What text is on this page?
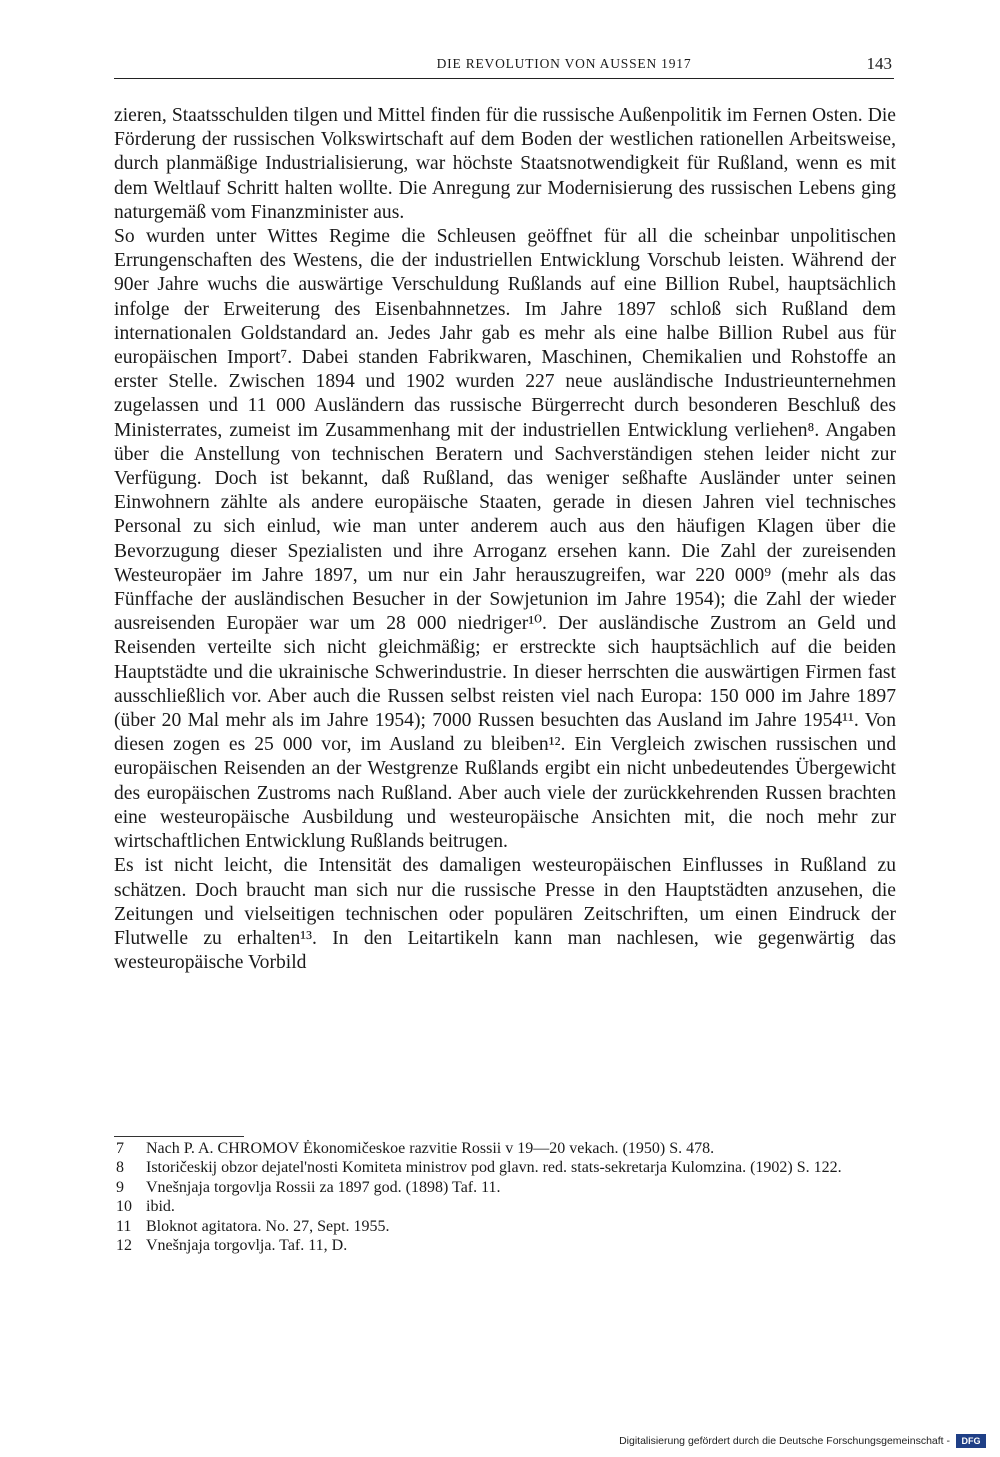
DIE REVOLUTION VON AUSSEN 1917	143

zieren, Staatsschulden tilgen und Mittel finden für die russische Außenpolitik im Fernen Osten. Die Förderung der russischen Volkswirtschaft auf dem Boden der westlichen rationellen Arbeitsweise, durch planmäßige Industrialisierung, war höchste Staatsnotwendigkeit für Rußland, wenn es mit dem Weltlauf Schritt halten wollte. Die Anregung zur Modernisierung des russischen Lebens ging naturgemäß vom Finanzminister aus.

So wurden unter Wittes Regime die Schleusen geöffnet für all die scheinbar unpolitischen Errungenschaften des Westens, die der industriellen Entwicklung Vorschub leisten. Während der 90er Jahre wuchs die auswärtige Verschuldung Rußlands auf eine Billion Rubel, hauptsächlich infolge der Erweiterung des Eisenbahnnetzes. Im Jahre 1897 schloß sich Rußland dem internationalen Goldstandard an. Jedes Jahr gab es mehr als eine halbe Billion Rubel aus für europäischen Import⁷. Dabei standen Fabrikwaren, Maschinen, Chemikalien und Rohstoffe an erster Stelle. Zwischen 1894 und 1902 wurden 227 neue ausländische Industrieunternehmen zugelassen und 11 000 Ausländern das russische Bürgerrecht durch besonderen Beschluß des Ministerrates, zumeist im Zusammenhang mit der industriellen Entwicklung verliehen⁸. Angaben über die Anstellung von technischen Beratern und Sachverständigen stehen leider nicht zur Verfügung. Doch ist bekannt, daß Rußland, das weniger seßhafte Ausländer unter seinen Einwohnern zählte als andere europäische Staaten, gerade in diesen Jahren viel technisches Personal zu sich einlud, wie man unter anderem auch aus den häufigen Klagen über die Bevorzugung dieser Spezialisten und ihre Arroganz ersehen kann. Die Zahl der zureisenden Westeuropäer im Jahre 1897, um nur ein Jahr herauszugreifen, war 220 000⁹ (mehr als das Fünffache der ausländischen Besucher in der Sowjetunion im Jahre 1954); die Zahl der wieder ausreisenden Europäer war um 28 000 niedriger¹⁰. Der ausländische Zustrom an Geld und Reisenden verteilte sich nicht gleichmäßig; er erstreckte sich hauptsächlich auf die beiden Hauptstädte und die ukrainische Schwerindustrie. In dieser herrschten die auswärtigen Firmen fast ausschließlich vor. Aber auch die Russen selbst reisten viel nach Europa: 150 000 im Jahre 1897 (über 20 Mal mehr als im Jahre 1954); 7000 Russen besuchten das Ausland im Jahre 1954¹¹. Von diesen zogen es 25 000 vor, im Ausland zu bleiben¹². Ein Vergleich zwischen russischen und europäischen Reisenden an der Westgrenze Rußlands ergibt ein nicht unbedeutendes Übergewicht des europäischen Zustroms nach Rußland. Aber auch viele der zurückkehrenden Russen brachten eine westeuropäische Ausbildung und westeuropäische Ansichten mit, die noch mehr zur wirtschaftlichen Entwicklung Rußlands beitrugen.

Es ist nicht leicht, die Intensität des damaligen westeuropäischen Einflusses in Rußland zu schätzen. Doch braucht man sich nur die russische Presse in den Hauptstädten anzusehen, die Zeitungen und vielseitigen technischen oder populären Zeitschriften, um einen Eindruck der Flutwelle zu erhalten¹³. In den Leitartikeln kann man nachlesen, wie gegenwärtig das westeuropäische Vorbild

7	Nach P. A. CHROMOV Ėkonomičeskoe razvitie Rossii v 19—20 vekach. (1950) S. 478.
8	Istoričeskij obzor dejatel'nosti Komiteta ministrov pod glavn. red. stats-sekretarja Kulomzina. (1902) S. 122.
9	Vnešnjaja torgovlja Rossii za 1897 god. (1898) Taf. 11.
10 ibid.
11 Bloknot agitatora. No. 27, Sept. 1955.
12 Vnešnjaja torgovlja. Taf. 11, D.
Digitalisierung gefördert durch die Deutsche Forschungsgemeinschaft -	DFG
